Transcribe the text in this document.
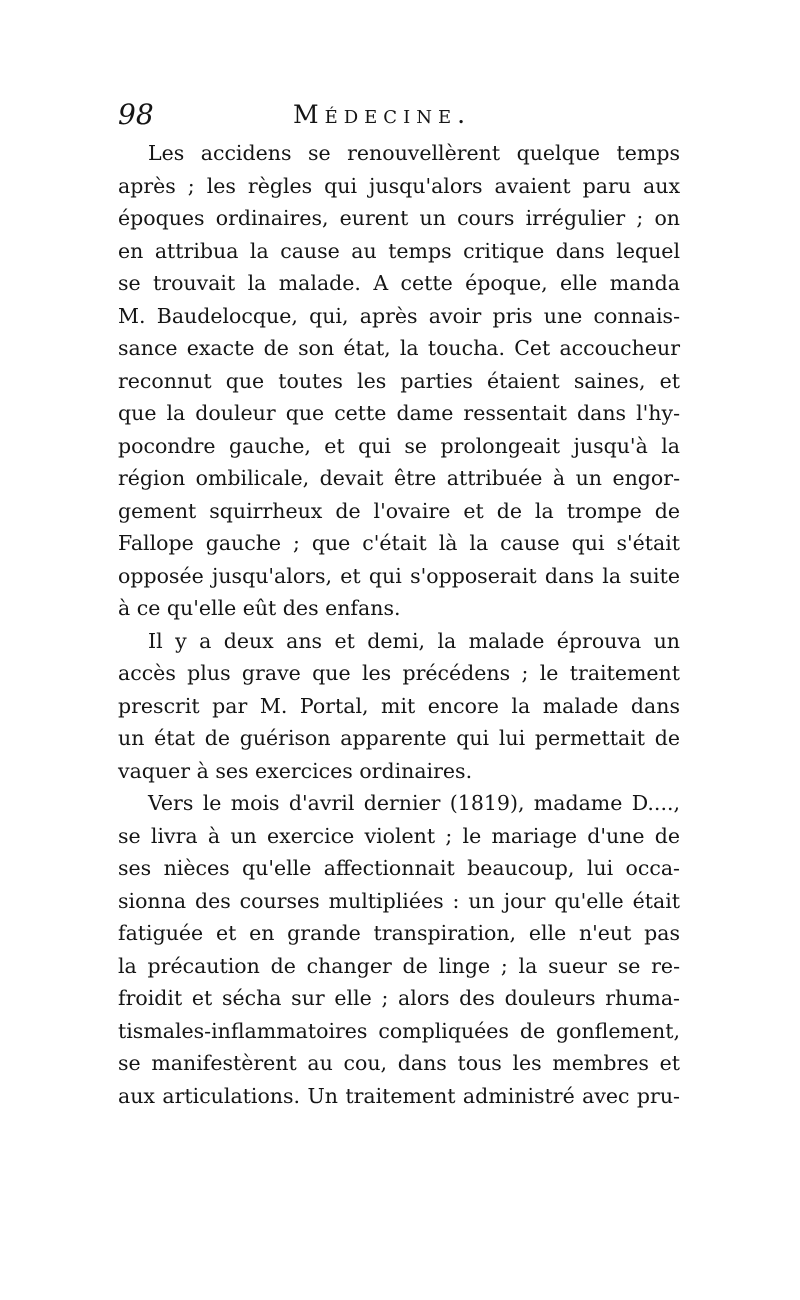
98	Médecine.
Les accidens se renouvellèrent quelque temps
après ; les règles qui jusqu'alors avaient paru aux
époques ordinaires, eurent un cours irrégulier ; on
en attribua la cause au temps critique dans lequel
se trouvait la malade. A cette époque, elle manda
M. Baudelocque, qui, après avoir pris une connais-
sance exacte de son état, la toucha. Cet accoucheur
reconnut que toutes les parties étaient saines, et
que la douleur que cette dame ressentait dans l'hy-
pocondre gauche, et qui se prolongeait jusqu'à la
région ombilicale, devait être attribuée à un engor-
gement squirrheux de l'ovaire et de la trompe de
Fallope gauche ; que c'était là la cause qui s'était
opposée jusqu'alors, et qui s'opposerait dans la suite
à ce qu'elle eût des enfans.
Il y a deux ans et demi, la malade éprouva un
accès plus grave que les précédens ; le traitement
prescrit par M. Portal, mit encore la malade dans
un état de guérison apparente qui lui permettait de
vaquer à ses exercices ordinaires.
Vers le mois d'avril dernier (1819), madame D....,
se livra à un exercice violent ; le mariage d'une de
ses nièces qu'elle affectionnait beaucoup, lui occa-
sionna des courses multipliées : un jour qu'elle était
fatiguée et en grande transpiration, elle n'eut pas
la précaution de changer de linge ; la sueur se re-
froidit et sécha sur elle ; alors des douleurs rhuma-
tismales-inflammatoires compliquées de gonflement,
se manifestèrent au cou, dans tous les membres et
aux articulations. Un traitement administré avec pru-
